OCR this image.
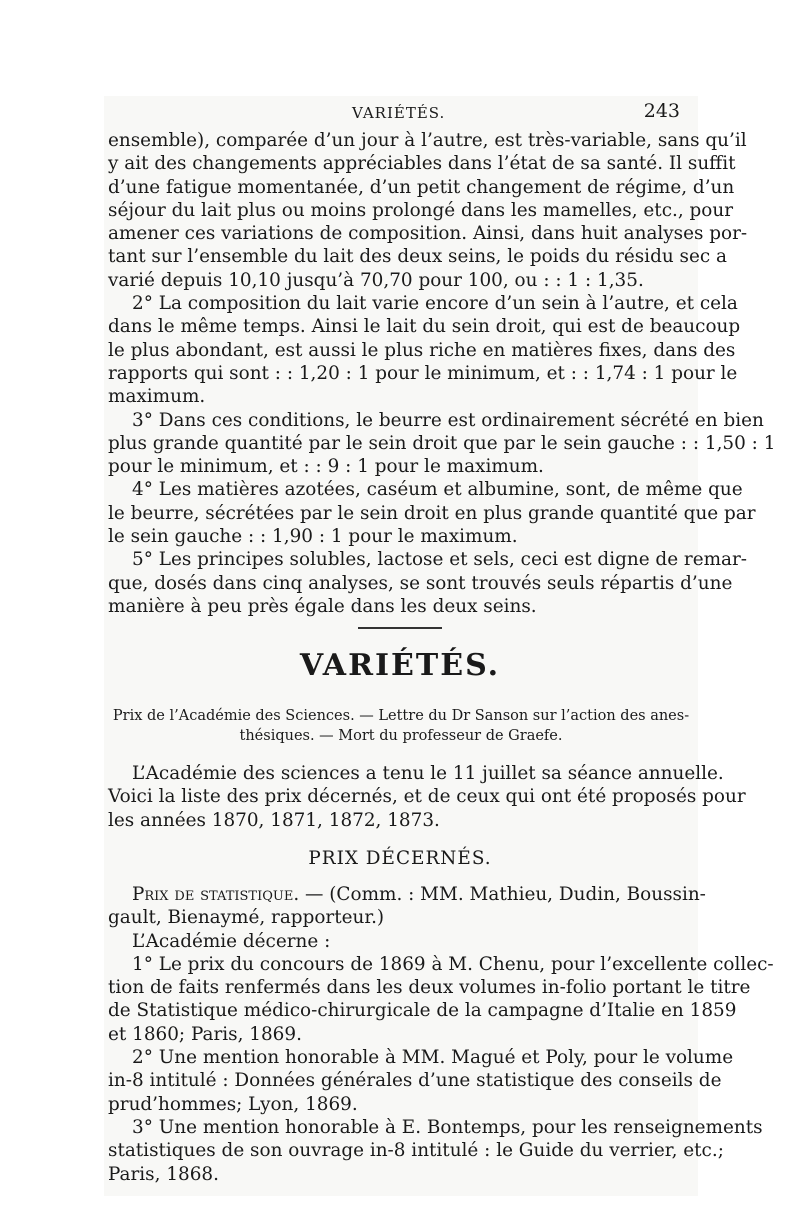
VARIÉTÉS.	243
ensemble), comparée d’un jour à l’autre, est très-variable, sans qu’il
y ait des changements appréciables dans l’état de sa santé. Il suffit
d’une fatigue momentanée, d’un petit changement de régime, d’un
séjour du lait plus ou moins prolongé dans les mamelles, etc., pour
amener ces variations de composition. Ainsi, dans huit analyses por-
tant sur l’ensemble du lait des deux seins, le poids du résidu sec a
varié depuis 10,10 jusqu’à 70,70 pour 100, ou : : 1 : 1,35.
2° La composition du lait varie encore d’un sein à l’autre, et cela
dans le même temps. Ainsi le lait du sein droit, qui est de beaucoup
le plus abondant, est aussi le plus riche en matières fixes, dans des
rapports qui sont : : 1,20 : 1 pour le minimum, et : : 1,74 : 1 pour le
maximum.
3° Dans ces conditions, le beurre est ordinairement sécrété en bien
plus grande quantité par le sein droit que par le sein gauche : : 1,50 : 1
pour le minimum, et : : 9 : 1 pour le maximum.
4° Les matières azotées, caséum et albumine, sont, de même que
le beurre, sécrétées par le sein droit en plus grande quantité que par
le sein gauche : : 1,90 : 1 pour le maximum.
5° Les principes solubles, lactose et sels, ceci est digne de remar-
que, dosés dans cinq analyses, se sont trouvés seuls répartis d’une
manière à peu près égale dans les deux seins.
VARIÉTÉS.
Prix de l’Académie des Sciences. — Lettre du Dr Sanson sur l’action des anes-
thésiques. — Mort du professeur de Graefe.
L’Académie des sciences a tenu le 11 juillet sa séance annuelle.
Voici la liste des prix décernés, et de ceux qui ont été proposés pour
les années 1870, 1871, 1872, 1873.
PRIX DÉCERNÉS.
Prix de statistique. — (Comm. : MM. Mathieu, Dudin, Boussin-
gault, Bienaymé, rapporteur.)
L’Académie décerne :
1° Le prix du concours de 1869 à M. Chenu, pour l’excellente collec-
tion de faits renfermés dans les deux volumes in-folio portant le titre
de Statistique médico-chirurgicale de la campagne d’Italie en 1859
et 1860; Paris, 1869.
2° Une mention honorable à MM. Magué et Poly, pour le volume
in-8 intitulé : Données générales d’une statistique des conseils de
prud’hommes; Lyon, 1869.
3° Une mention honorable à E. Bontemps, pour les renseignements
statistiques de son ouvrage in-8 intitulé : le Guide du verrier, etc.;
Paris, 1868.
